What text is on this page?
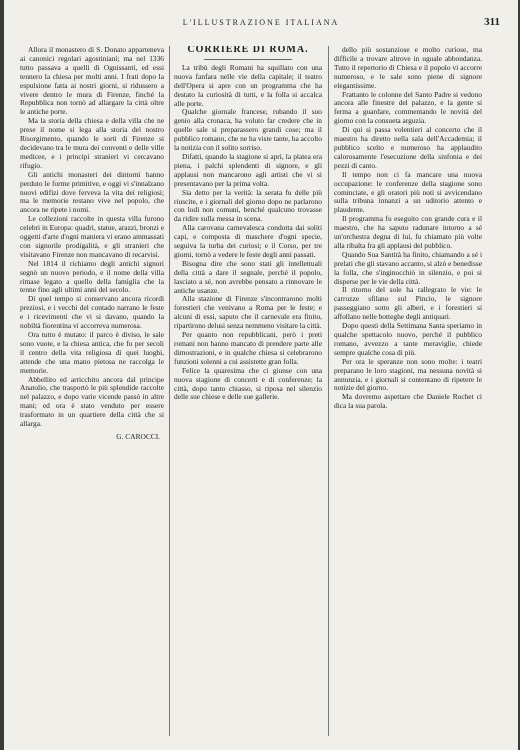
L'ILLUSTRAZIONE ITALIANA	311

Allora il monastero di S. Donato apparteneva ai canonici regolari agostiniani; ma nel 1336 tutto passava a quelli di Ognissanti, ed essi tennero la chiesa per molti anni. I frati dopo la espulsione fatta ai nostri giorni, si ridussero a vivere dentro le mura di Firenze, finché la Repubblica non tornò ad allargare la città oltre le antiche porte.

Ma la storia della chiesa e della villa che ne prese il nome si lega alla storia del nostro Risorgimento, quando le sorti di Firenze si decidevano tra le mura dei conventi e delle ville medicee, e i principi stranieri vi cercavano rifugio.

Gli antichi monasteri dei dintorni hanno perduto le forme primitive, e oggi vi s'innalzano nuovi edifizi dove ferveva la vita dei religiosi; ma le memorie restano vive nel popolo, che ancora ne ripete i nomi.

Le collezioni raccolte in questa villa furono celebri in Europa: quadri, statue, arazzi, bronzi e oggetti d'arte d'ogni maniera vi erano ammassati con signorile prodigalità, e gli stranieri che visitavano Firenze non mancavano di recarvisi.

Nel 1814 il richiamo degli antichi signori segnò un nuovo periodo, e il nome della villa rimase legato a quello della famiglia che la tenne fino agli ultimi anni del secolo.

Di quel tempo si conservano ancora ricordi preziosi, e i vecchi del contado narrano le feste e i ricevimenti che vi si davano, quando la nobiltà fiorentina vi accorreva numerosa.

Ora tutto è mutato: il parco è diviso, le sale sono vuote, e la chiesa antica, che fu per secoli il centro della vita religiosa di quei luoghi, attende che una mano pietosa ne raccolga le memorie.

Abbellito ed arricchito ancora dal principe Anatolio, che trasportò le più splendide raccolte nel palazzo, e dopo varie vicende passò in altre mani; ed ora è stato venduto per essere trasformato in un quartiere della città che si allarga.

G. CAROCCI.
CORRIERE DI ROMA.

La tribù degli Romani ha squillato con una nuova fanfara nelle vie della capitale; il teatro dell'Opera si apre con un programma che ha destato la curiosità di tutti, e la folla si accalca alle porte.

Qualche giornale francese, rubando il suo genio alla cronaca, ha voluto far credere che in quelle sale si preparassero grandi cose; ma il pubblico romano, che ne ha viste tante, ha accolto la notizia con il solito sorriso.

Difatti, quando la stagione si aprì, la platea era piena, i palchi splendenti di signore, e gli applausi non mancarono agli artisti che vi si presentavano per la prima volta.

Sia detto per la verità: la serata fu delle più riuscite, e i giornali del giorno dopo ne parlarono con lodi non comuni, benché qualcuno trovasse da ridire sulla messa in scena.

Alla carovana carnevalesca condotta dai soliti capi, e composta di maschere d'ogni specie, seguiva la turba dei curiosi; e il Corso, per tre giorni, tornò a vedere le feste degli anni passati.

Bisogna dire che sono stati gli intellettuali della città a dare il segnale, perché il popolo, lasciato a sé, non avrebbe pensato a rinnovare le antiche usanze.

Alla stazione di Firenze s'incontrarono molti forestieri che venivano a Roma per le feste; e alcuni di essi, saputo che il carnevale era finito, ripartirono delusi senza nemmeno visitare la città.

Per quanto non repubblicani, però i preti romani non hanno mancato di prendere parte alle dimostrazioni, e in qualche chiesa si celebrarono funzioni solenni a cui assistette gran folla.

Felice la quaresima che ci giunse con una nuova stagione di concerti e di conferenze; la città, dopo tanto chiasso, si riposa nel silenzio delle sue chiese e delle sue gallerie.

dello più sostanziose e molto curiose, ma difficile a trovare altrove in uguale abbondanza. Tutto il repertorio di Chiesa e il popolo vi accorre numeroso, e le sale sono piene di signore elegantissime.

Frattanto le colonne del Santo Padre si vedono ancora alle finestre del palazzo, e la gente si ferma a guardare, commentando le novità del giorno con la consueta arguzia.

Di qui si passa volentieri al concerto che il maestro ha diretto nella sala dell'Accademia; il pubblico scelto e numeroso ha applaudito calorosamente l'esecuzione della sinfonia e dei pezzi di canto.

Il tempo non ci fa mancare una nuova occupazione: le conferenze della stagione sono cominciate, e gli oratori più noti si avvicendano sulla tribuna innanzi a un uditorio attento e plaudente.

Il programma fu eseguito con grande cura e il maestro, che ha saputo radunare intorno a sé un'orchestra degna di lui, fu chiamato più volte alla ribalta fra gli applausi del pubblico.

Quando Sua Santità ha finito, chiamando a sé i prelati che gli stavano accanto, si alzò e benedisse la folla, che s'inginocchiò in silenzio, e poi si disperse per le vie della città.

Il ritorno del sole ha rallegrato le vie: le carrozze sfilano sul Pincio, le signore passeggiano sotto gli alberi, e i forestieri si affollano nelle botteghe degli antiquari.

Dopo questi della Settimana Santa speriamo in qualche spettacolo nuovo, perché il pubblico romano, avvezzo a tante meraviglie, chiede sempre qualche cosa di più.

Per ora le speranze non sono molte: i teatri preparano le loro stagioni, ma nessuna novità si annunzia, e i giornali si contentano di ripetere le notizie del giorno.

Ma dovremo aspettare che Daniele Rochet ci dica la sua parola.
